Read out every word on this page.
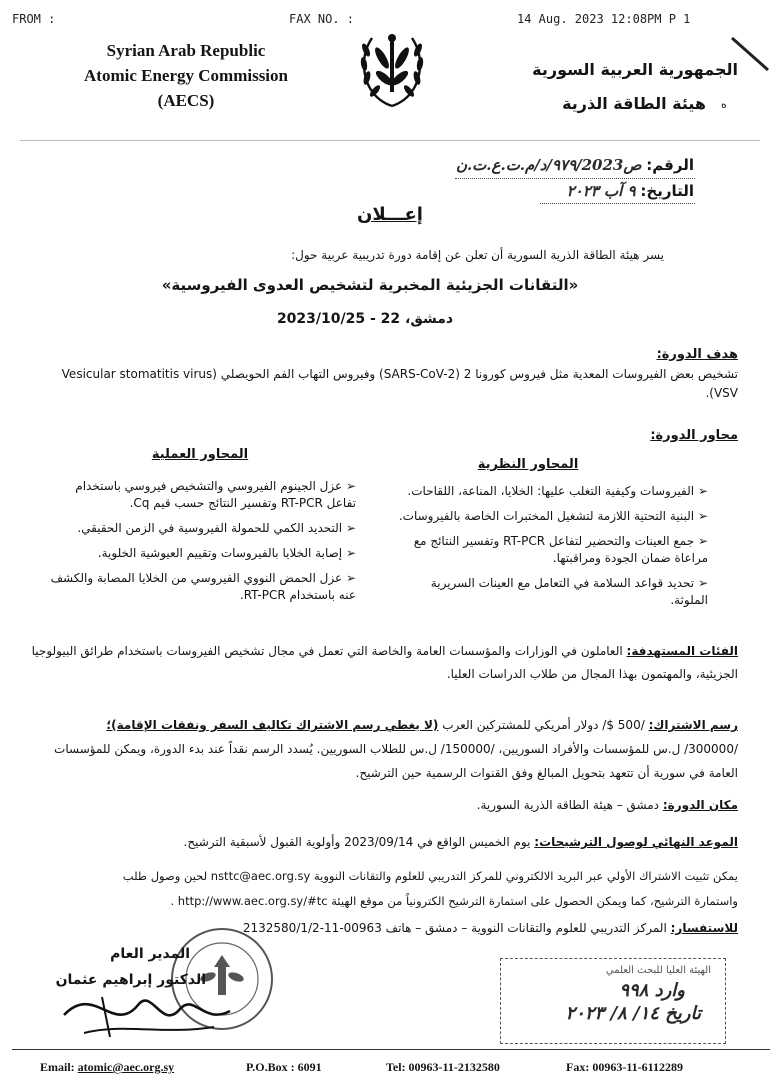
FROM :	FAX NO. :	14 Aug. 2023 12:08PM P 1
Syrian Arab Republic
Atomic Energy Commission
(AECS)
الجمهورية العربية السورية
هيئة الطاقة الذرية ه
الرقم: ص٩٧٩/2023/د/م.ت.ع.ت.ن
التاريخ: ٩ آب ٢٠٢٣
إعـــلان
يسر هيئة الطاقة الذرية السورية أن تعلن عن إقامة دورة تدريبية عربية حول:
«التقانات الجزيئية المخبرية لتشخيص العدوى الفيروسية»
دمشق، 22 - 2023/10/25
هدف الدورة:
تشخيص بعض الفيروسات المعدية مثل فيروس كورونا 2 (SARS-CoV-2) وفيروس التهاب الفم الحويصلي (Vesicular stomatitis virus VSV).
محاور الدورة:
المحاور النظرية
المحاور العملية
➢ الفيروسات وكيفية التغلب عليها: الخلايا، المناعة، اللقاحات.
➢ البنية التحتية اللازمة لتشغيل المختبرات الخاصة بالفيروسات.
➢ جمع العينات والتحضير لتفاعل RT-PCR وتفسير النتائج مع مراعاة ضمان الجودة ومراقبتها.
➢ تحديد قواعد السلامة في التعامل مع العينات السريرية الملوثة.
➢ عزل الجينوم الفيروسي والتشخيص فيروسي باستخدام تفاعل RT-PCR وتفسير النتائج حسب قيم Cq.
➢ التحديد الكمي للحمولة الفيروسية في الزمن الحقيقي.
➢ إصابة الخلايا بالفيروسات وتقييم العيوشية الخلوية.
➢ عزل الحمض النووي الفيروسي من الخلايا المصابة والكشف عنه باستخدام RT-PCR.
الفئات المستهدفة: العاملون في الوزارات والمؤسسات العامة والخاصة التي تعمل في مجال تشخيص الفيروسات باستخدام طرائق البيولوجيا الجزيئية، والمهتمون بهذا المجال من طلاب الدراسات العليا.
رسم الاشتراك: /500 $/ دولار أمريكي للمشتركين العرب (لا يغطي رسم الاشتراك تكاليف السفر ونفقات الإقامة)؛
/300000/ ل.س للمؤسسات والأفراد السوريين، /150000/ ل.س للطلاب السوريين. يُسدد الرسم نقداً عند بدء الدورة، ويمكن للمؤسسات العامة في سورية أن تتعهد بتحويل المبالغ وفق القنوات الرسمية حين الترشيح.
مكان الدورة: دمشق – هيئة الطاقة الذرية السورية.
الموعد النهائي لوصول الترشيحات: يوم الخميس الواقع في 2023/09/14 وأولوية القبول لأسبقية الترشيح.
يمكن تثبيت الاشتراك الأولي عبر البريد الالكتروني للمركز التدريبي للعلوم والتقانات النووية nsttc@aec.org.sy لحين وصول طلب
واستمارة الترشيح، كما ويمكن الحصول على استمارة الترشيح الكترونياً من موقع الهيئة http://www.aec.org.sy/#tc .
للاستفسار: المركز التدريبي للعلوم والتقانات النووية – دمشق – هاتف 00963-11-2132580/1/2
المدير العام
الدكتور إبراهيم عثمان
الهيئة العليا للبحث العلمي
وارد ٩٩٨
تاريخ ١٤/ ٨/ ٢٠٢٣
Email: atomic@aec.org.sy	P.O.Box : 6091	Tel: 00963-11-2132580	Fax: 00963-11-6112289
